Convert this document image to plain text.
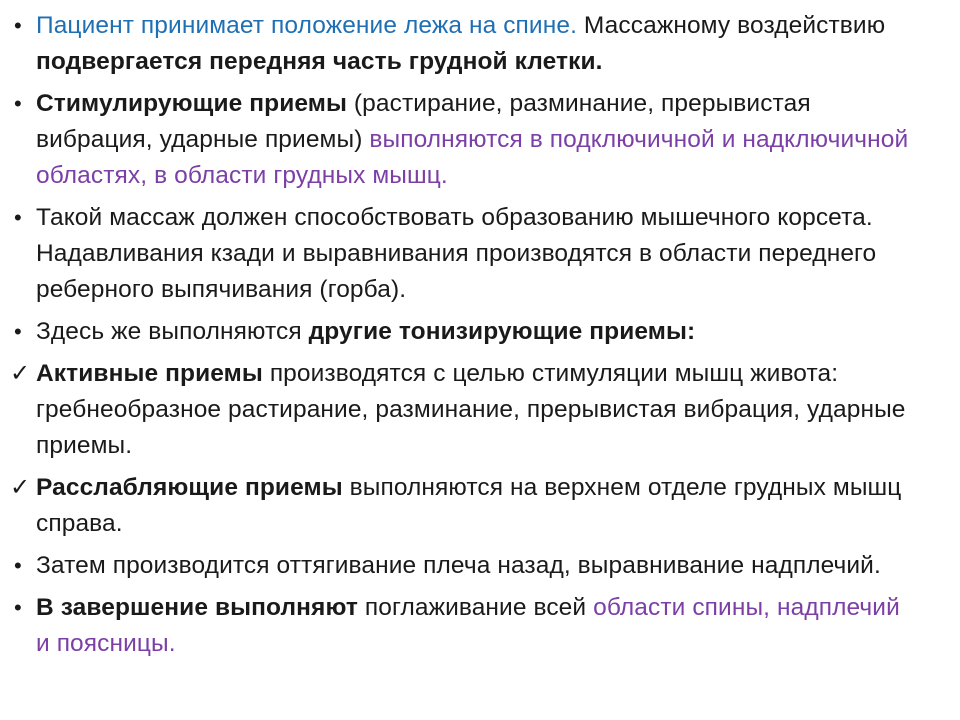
• Пациент принимает положение лежа на спине. Массажному воздействию подвергается передняя часть грудной клетки.
• Стимулирующие приемы (растирание, разминание, прерывистая вибрация, ударные приемы) выполняются в подключичной и надключичной областях, в области грудных мышц.
• Такой массаж должен способствовать образованию мышечного корсета. Надавливания кзади и выравнивания производятся в области переднего реберного выпячивания (горба).
• Здесь же выполняются другие тонизирующие приемы:
✓ Активные приемы производятся с целью стимуляции мышц живота: гребнеобразное растирание, разминание, прерывистая вибрация, ударные приемы.
✓ Расслабляющие приемы выполняются на верхнем отделе грудных мышц справа.
• Затем производится оттягивание плеча назад, выравнивание надплечий.
• В завершение выполняют поглаживание всей области спины, надплечий и поясницы.
